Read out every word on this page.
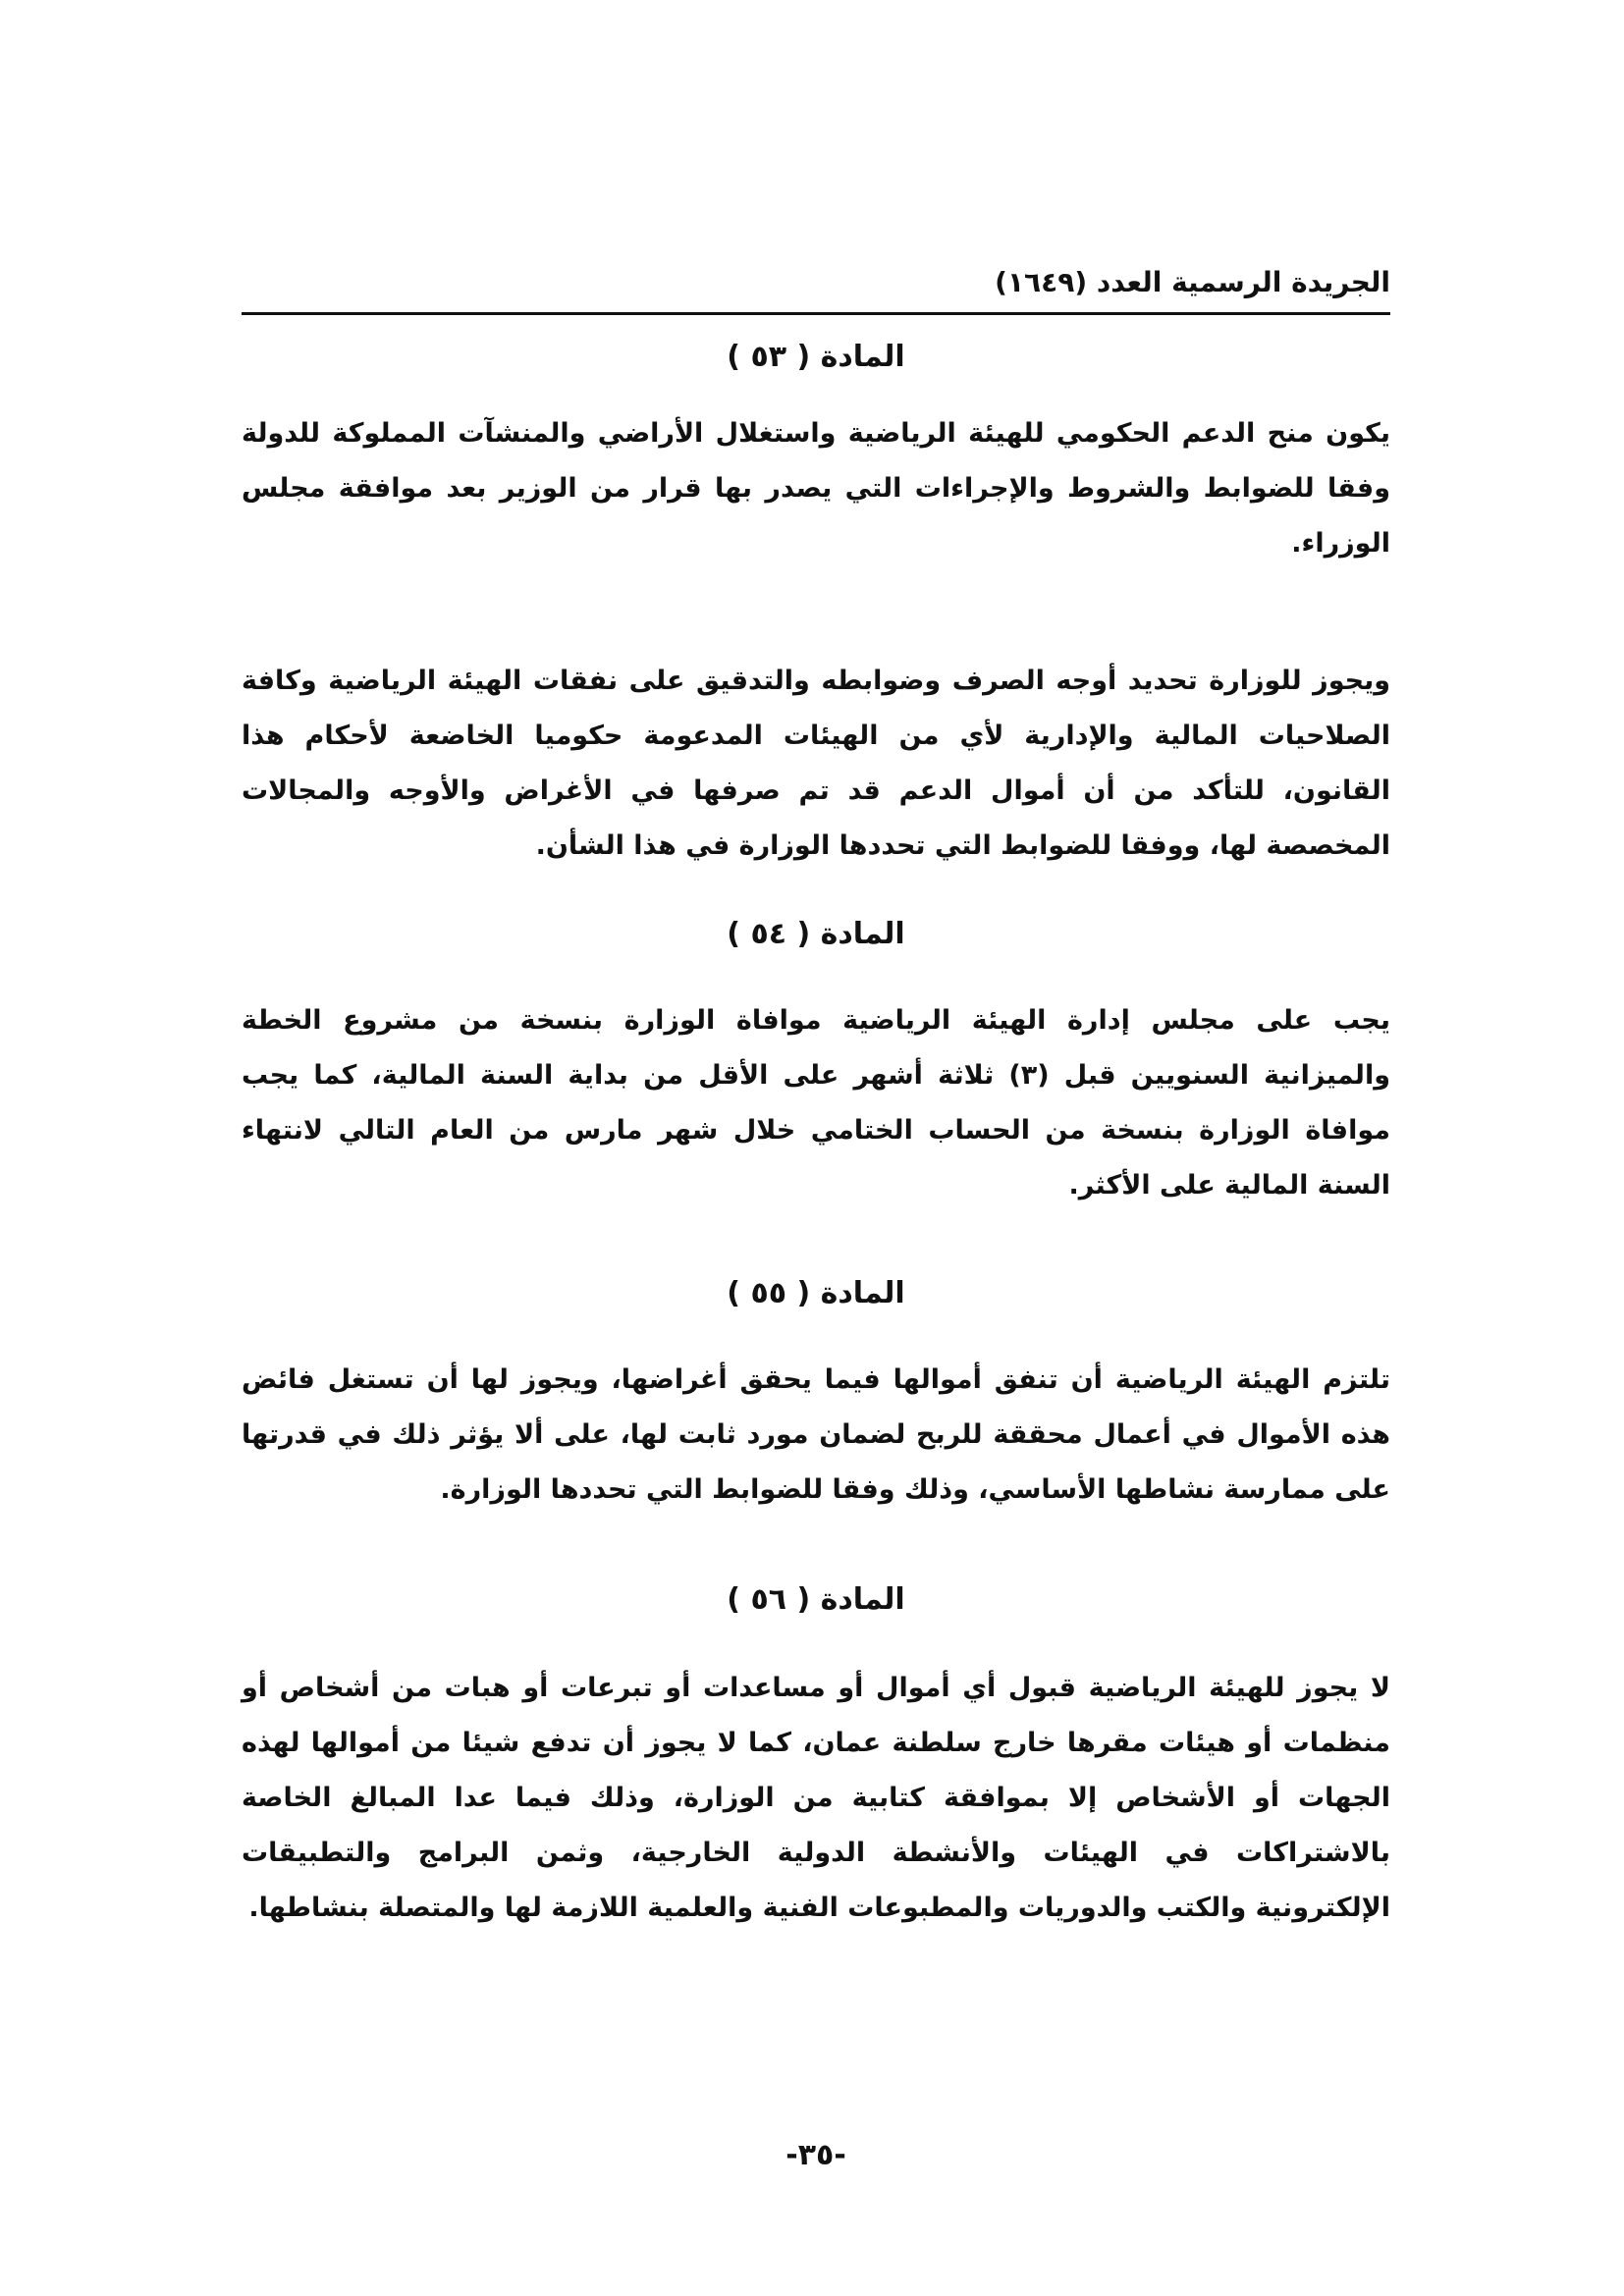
الجريدة الرسمية العدد (١٦٤٩)
المادة ( ٥٣ )

يكون منح الدعم الحكومي للهيئة الرياضية واستغلال الأراضي والمنشآت المملوكة للدولة وفقا للضوابط والشروط والإجراءات التي يصدر بها قرار من الوزير بعد موافقة مجلس الوزراء.

ويجوز للوزارة تحديد أوجه الصرف وضوابطه والتدقيق على نفقات الهيئة الرياضية وكافة الصلاحيات المالية والإدارية لأي من الهيئات المدعومة حكوميا الخاضعة لأحكام هذا القانون، للتأكد من أن أموال الدعم قد تم صرفها في الأغراض والأوجه والمجالات المخصصة لها، ووفقا للضوابط التي تحددها الوزارة في هذا الشأن.

المادة ( ٥٤ )

يجب على مجلس إدارة الهيئة الرياضية موافاة الوزارة بنسخة من مشروع الخطة والميزانية السنويين قبل (٣) ثلاثة أشهر على الأقل من بداية السنة المالية، كما يجب موافاة الوزارة بنسخة من الحساب الختامي خلال شهر مارس من العام التالي لانتهاء السنة المالية على الأكثر.

المادة ( ٥٥ )

تلتزم الهيئة الرياضية أن تنفق أموالها فيما يحقق أغراضها، ويجوز لها أن تستغل فائض هذه الأموال في أعمال محققة للربح لضمان مورد ثابت لها، على ألا يؤثر ذلك في قدرتها على ممارسة نشاطها الأساسي، وذلك وفقا للضوابط التي تحددها الوزارة.

المادة ( ٥٦ )

لا يجوز للهيئة الرياضية قبول أي أموال أو مساعدات أو تبرعات أو هبات من أشخاص أو منظمات أو هيئات مقرها خارج سلطنة عمان، كما لا يجوز أن تدفع شيئا من أموالها لهذه الجهات أو الأشخاص إلا بموافقة كتابية من الوزارة، وذلك فيما عدا المبالغ الخاصة بالاشتراكات في الهيئات والأنشطة الدولية الخارجية، وثمن البرامج والتطبيقات الإلكترونية والكتب والدوريات والمطبوعات الفنية والعلمية اللازمة لها والمتصلة بنشاطها.

-٣٥-
